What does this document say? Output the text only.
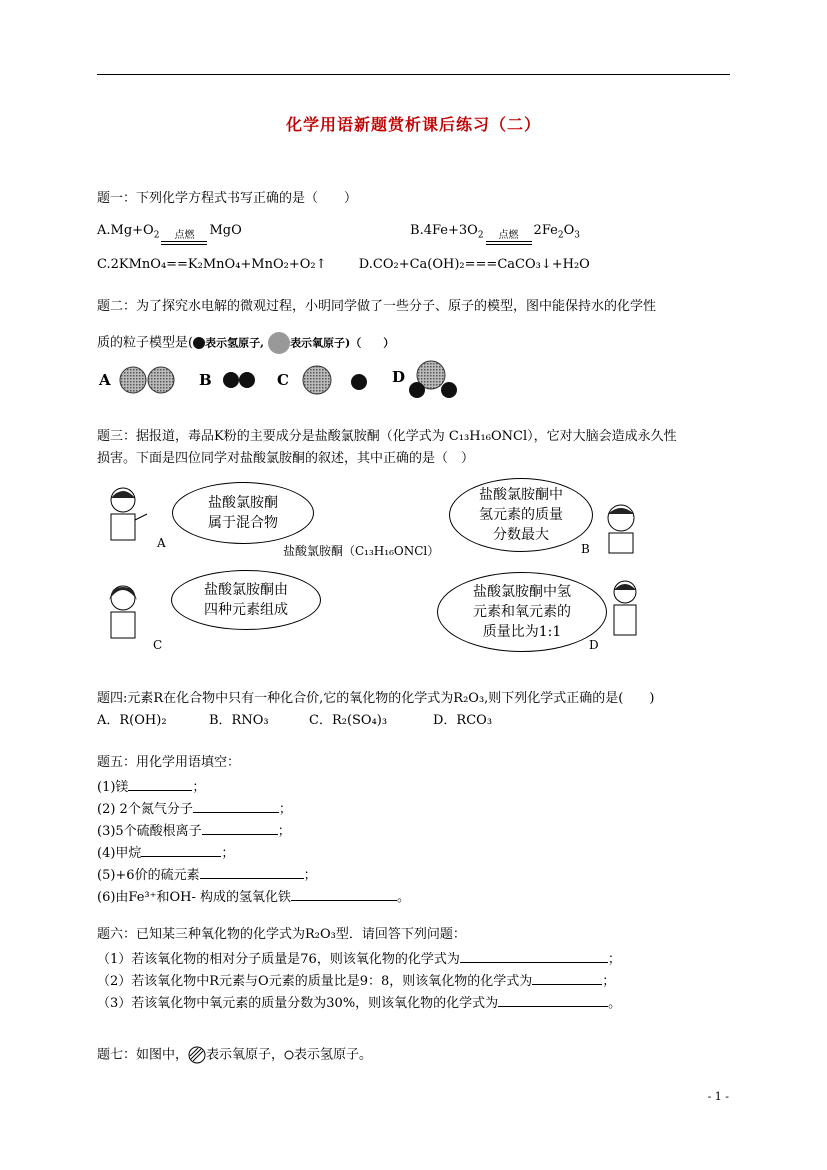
化学用语新题赏析课后练习（二）
题一：下列化学方程式书写正确的是（　　）
$A.Mg+O_2$	点燃	MgO	$B.4Fe+3O_2$	点燃	$2Fe_2O_3$
C.2KMnO₄==K₂MnO₄+MnO₂+O₂↑ D.CO₂+Ca(OH)₂===CaCO₃↓+H₂O
题二：为了探究水电解的微观过程，小明同学做了一些分子、原子的模型，图中能保持水的化学性
质的粒子模型是( 表示氢原子, 表示氧原子)（　　）
A	B	C	D
题三：据报道，毒品K粉的主要成分是盐酸氯胺酮（化学式为 C₁₃H₁₆ONCl），它对大脑会造成永久性
损害。下面是四位同学对盐酸氯胺酮的叙述，其中正确的是（　）
A
盐酸氯胺酮
属于混合物
盐酸氯胺酮中
氢元素的质量
分数最大
B
盐酸氯胺酮（C₁₃H₁₆ONCl）
C
盐酸氯胺酮由
四种元素组成
盐酸氯胺酮中氢
元素和氧元素的
质量比为1:1
D
题四:元素R在化合物中只有一种化合价,它的氧化物的化学式为R₂O₃,则下列化学式正确的是(　　)
A．R(OH)₂	B．RNO₃	C．R₂(SO₄)₃	D．RCO₃
题五：用化学用语填空：
(1)镁	；
(2) 2个氮气分子	；
(3)5个硫酸根离子	；
(4)甲烷	；
(5)+6价的硫元素	；
(6)由Fe³⁺和OH- 构成的氢氧化铁	。
题六：已知某三种氧化物的化学式为R₂O₃型．请回答下列问题：
（1）若该氧化物的相对分子质量是76，则该氧化物的化学式为	；
（2）若该氧化物中R元素与O元素的质量比是9：8，则该氧化物的化学式为	；
（3）若该氧化物中氧元素的质量分数为30%，则该氧化物的化学式为	。
题七：如图中， 表示氧原子， 表示氢原子。
- 1 -
